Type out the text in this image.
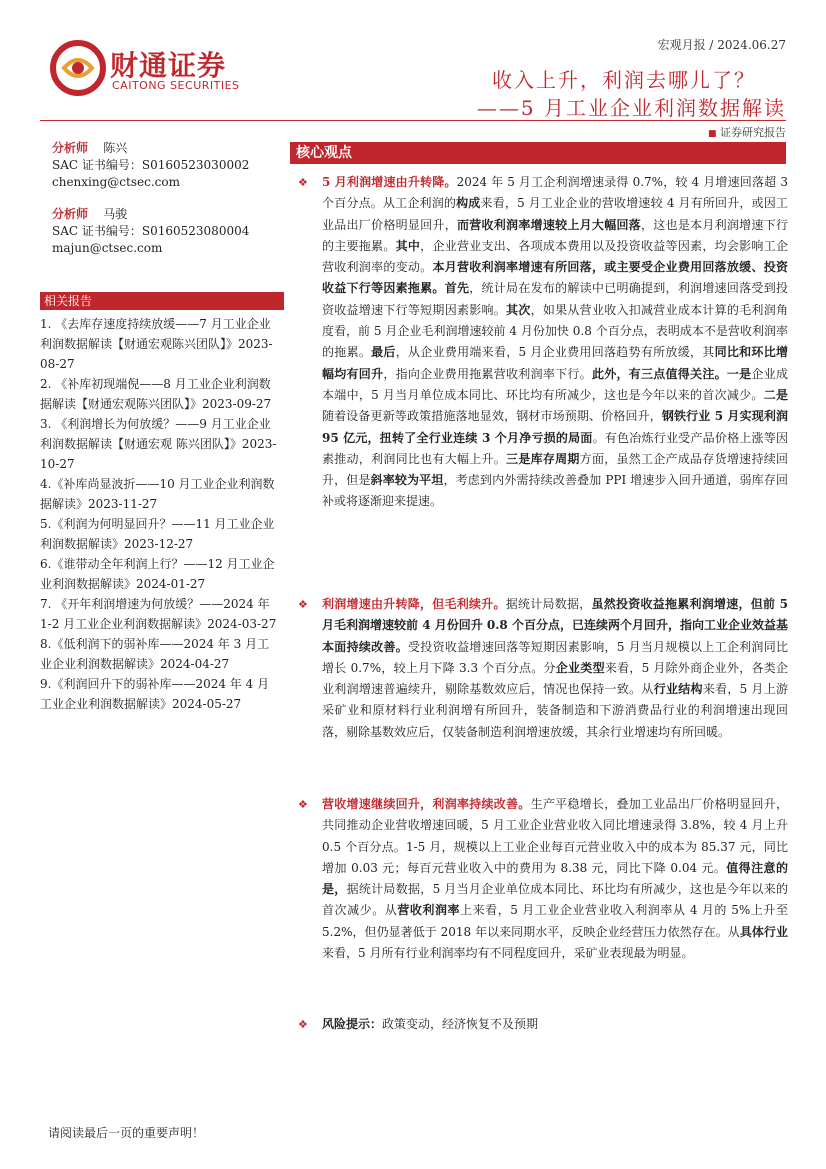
财通证券
CAITONG SECURITIES
宏观月报 / 2024.06.27
收入上升，利润去哪儿了？
——5 月工业企业利润数据解读
■ 证券研究报告
分析师 陈兴
SAC 证书编号：S0160523030002
chenxing@ctsec.com
分析师 马骏
SAC 证书编号：S0160523080004
majun@ctsec.com
相关报告
1. 《去库存速度持续放缓——7 月工业企业利润数据解读【财通宏观陈兴团队】》2023-08-27
2. 《补库初现端倪——8 月工业企业利润数据解读【财通宏观陈兴团队】》2023-09-27
3. 《利润增长为何放缓？——9 月工业企业利润数据解读【财通宏观 陈兴团队】》2023-10-27
4.《补库尚显波折——10 月工业企业利润数据解读》2023-11-27
5.《利润为何明显回升？——11 月工业企业利润数据解读》2023-12-27
6.《谁带动全年利润上行？——12 月工业企业利润数据解读》2024-01-27
7. 《开年利润增速为何放缓？——2024 年 1-2 月工业企业利润数据解读》2024-03-27
8.《低利润下的弱补库——2024 年 3 月工业企业利润数据解读》2024-04-27
9.《利润回升下的弱补库——2024 年 4 月工业企业利润数据解读》2024-05-27
核心观点
❖ 5 月利润增速由升转降。2024 年 5 月工企利润增速录得 0.7%，较 4 月增速回落超 3 个百分点。从工企利润的构成来看，5 月工业企业的营收增速较 4 月有所回升，或因工业品出厂价格明显回升，而营收利润率增速较上月大幅回落，这也是本月利润增速下行的主要拖累。其中，企业营业支出、各项成本费用以及投资收益等因素，均会影响工企营收利润率的变动。本月营收利润率增速有所回落，或主要受企业费用回落放缓、投资收益下行等因素拖累。首先，统计局在发布的解读中已明确提到，利润增速回落受到投资收益增速下行等短期因素影响。其次，如果从营业收入扣减营业成本计算的毛利润角度看，前 5 月企业毛利润增速较前 4 月份加快 0.8 个百分点，表明成本不是营收利润率的拖累。最后，从企业费用端来看，5 月企业费用回落趋势有所放缓，其同比和环比增幅均有回升，指向企业费用拖累营收利润率下行。此外，有三点值得关注。一是企业成本端中，5 月当月单位成本同比、环比均有所减少，这也是今年以来的首次减少。二是随着设备更新等政策措施落地显效，钢材市场预期、价格回升，钢铁行业 5 月实现利润 95 亿元，扭转了全行业连续 3 个月净亏损的局面。有色冶炼行业受产品价格上涨等因素推动，利润同比也有大幅上升。三是库存周期方面，虽然工企产成品存货增速持续回升，但是斜率较为平坦，考虑到内外需持续改善叠加 PPI 增速步入回升通道，弱库存回补或将逐渐迎来提速。
❖ 利润增速由升转降，但毛利续升。据统计局数据，虽然投资收益拖累利润增速，但前 5 月毛利润增速较前 4 月份回升 0.8 个百分点，已连续两个月回升，指向工业企业效益基本面持续改善。受投资收益增速回落等短期因素影响，5 月当月规模以上工企利润同比增长 0.7%，较上月下降 3.3 个百分点。分企业类型来看，5 月除外商企业外，各类企业利润增速普遍续升，剔除基数效应后，情况也保持一致。从行业结构来看，5 月上游采矿业和原材料行业利润增有所回升，装备制造和下游消费品行业的利润增速出现回落，剔除基数效应后，仅装备制造利润增速放缓，其余行业增速均有所回暖。
❖ 营收增速继续回升，利润率持续改善。生产平稳增长，叠加工业品出厂价格明显回升，共同推动企业营收增速回暖，5 月工业企业营业收入同比增速录得 3.8%，较 4 月上升 0.5 个百分点。1-5 月，规模以上工业企业每百元营业收入中的成本为 85.37 元，同比增加 0.03 元；每百元营业收入中的费用为 8.38 元，同比下降 0.04 元。值得注意的是，据统计局数据，5 月当月企业单位成本同比、环比均有所减少，这也是今年以来的首次减少。从营收利润率上来看，5 月工业企业营业收入利润率从 4 月的 5%上升至 5.2%，但仍显著低于 2018 年以来同期水平，反映企业经营压力依然存在。从具体行业来看，5 月所有行业利润率均有不同程度回升，采矿业表现最为明显。
❖ 风险提示：政策变动，经济恢复不及预期
请阅读最后一页的重要声明！
